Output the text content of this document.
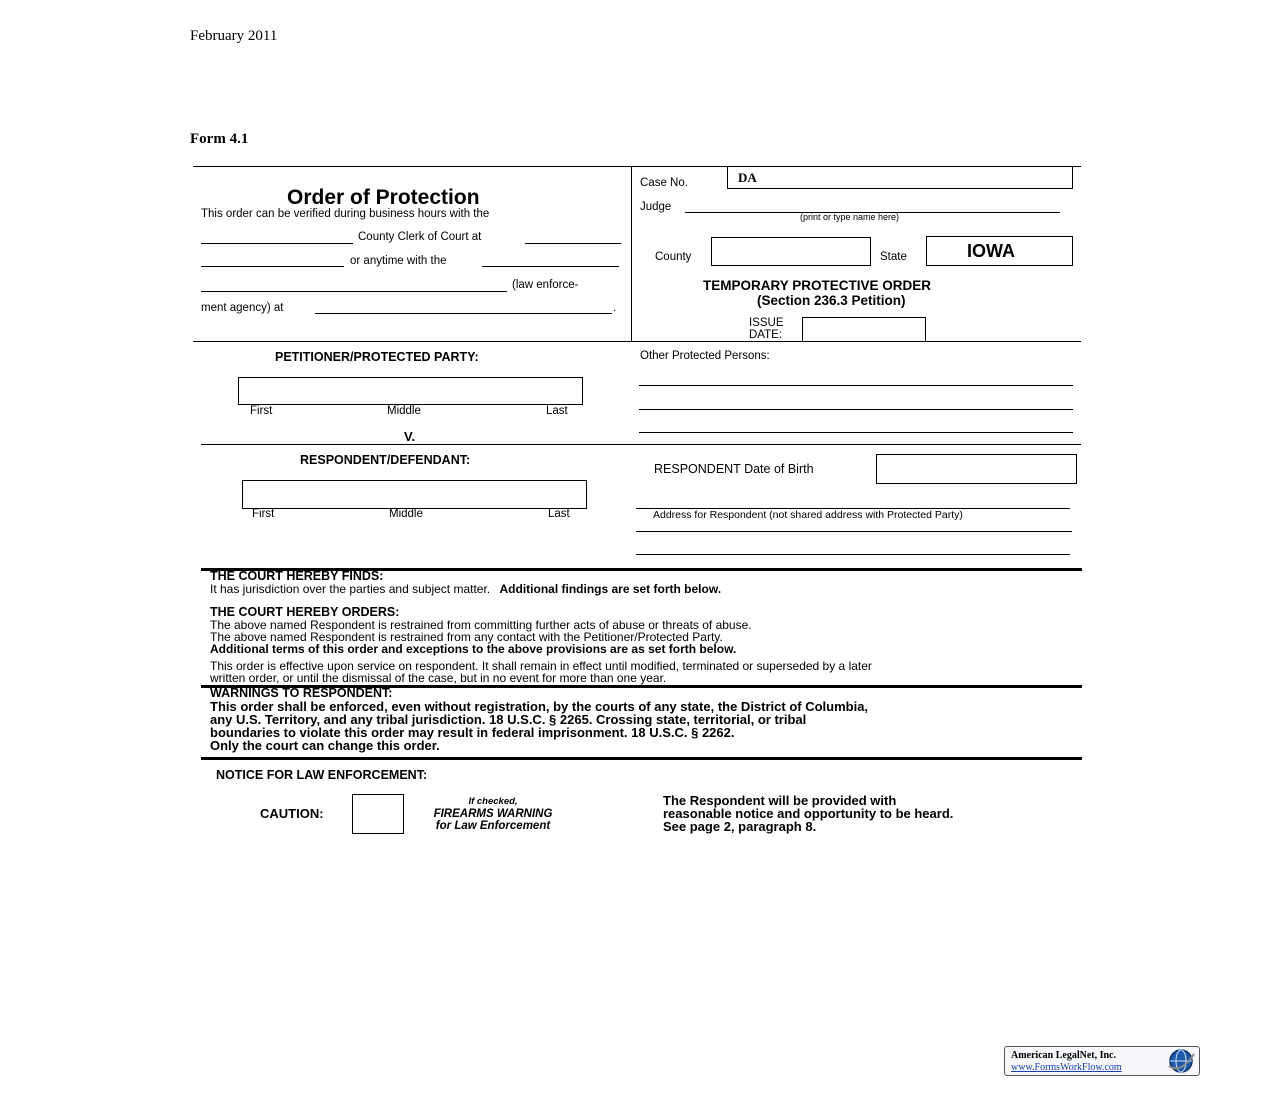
February 2011
Form 4.1
Order of Protection
This order can be verified during business hours with the
County Clerk of Court at
or anytime with the
(law enforce-
ment agency) at	.
Case No.	DA
Judge
(print or type name here)
County	State	IOWA
TEMPORARY PROTECTIVE ORDER
(Section 236.3 Petition)
ISSUE
DATE:
PETITIONER/PROTECTED PARTY:
First	Middle	Last
V.
Other Protected Persons:
RESPONDENT/DEFENDANT:
First	Middle	Last
RESPONDENT Date of Birth
Address for Respondent (not shared address with Protected Party)
THE COURT HEREBY FINDS:
It has jurisdiction over the parties and subject matter. Additional findings are set forth below.
THE COURT HEREBY ORDERS:
The above named Respondent is restrained from committing further acts of abuse or threats of abuse.
The above named Respondent is restrained from any contact with the Petitioner/Protected Party.
Additional terms of this order and exceptions to the above provisions are as set forth below.
This order is effective upon service on respondent. It shall remain in effect until modified, terminated or superseded by a later
written order, or until the dismissal of the case, but in no event for more than one year.
WARNINGS TO RESPONDENT:
This order shall be enforced, even without registration, by the courts of any state, the District of Columbia,
any U.S. Territory, and any tribal jurisdiction. 18 U.S.C. § 2265. Crossing state, territorial, or tribal
boundaries to violate this order may result in federal imprisonment. 18 U.S.C. § 2262.
Only the court can change this order.
NOTICE FOR LAW ENFORCEMENT:
CAUTION:
If checked,
FIREARMS WARNING
for Law Enforcement
The Respondent will be provided with
reasonable notice and opportunity to be heard.
See page 2, paragraph 8.
American LegalNet, Inc.
www.FormsWorkFlow.com
